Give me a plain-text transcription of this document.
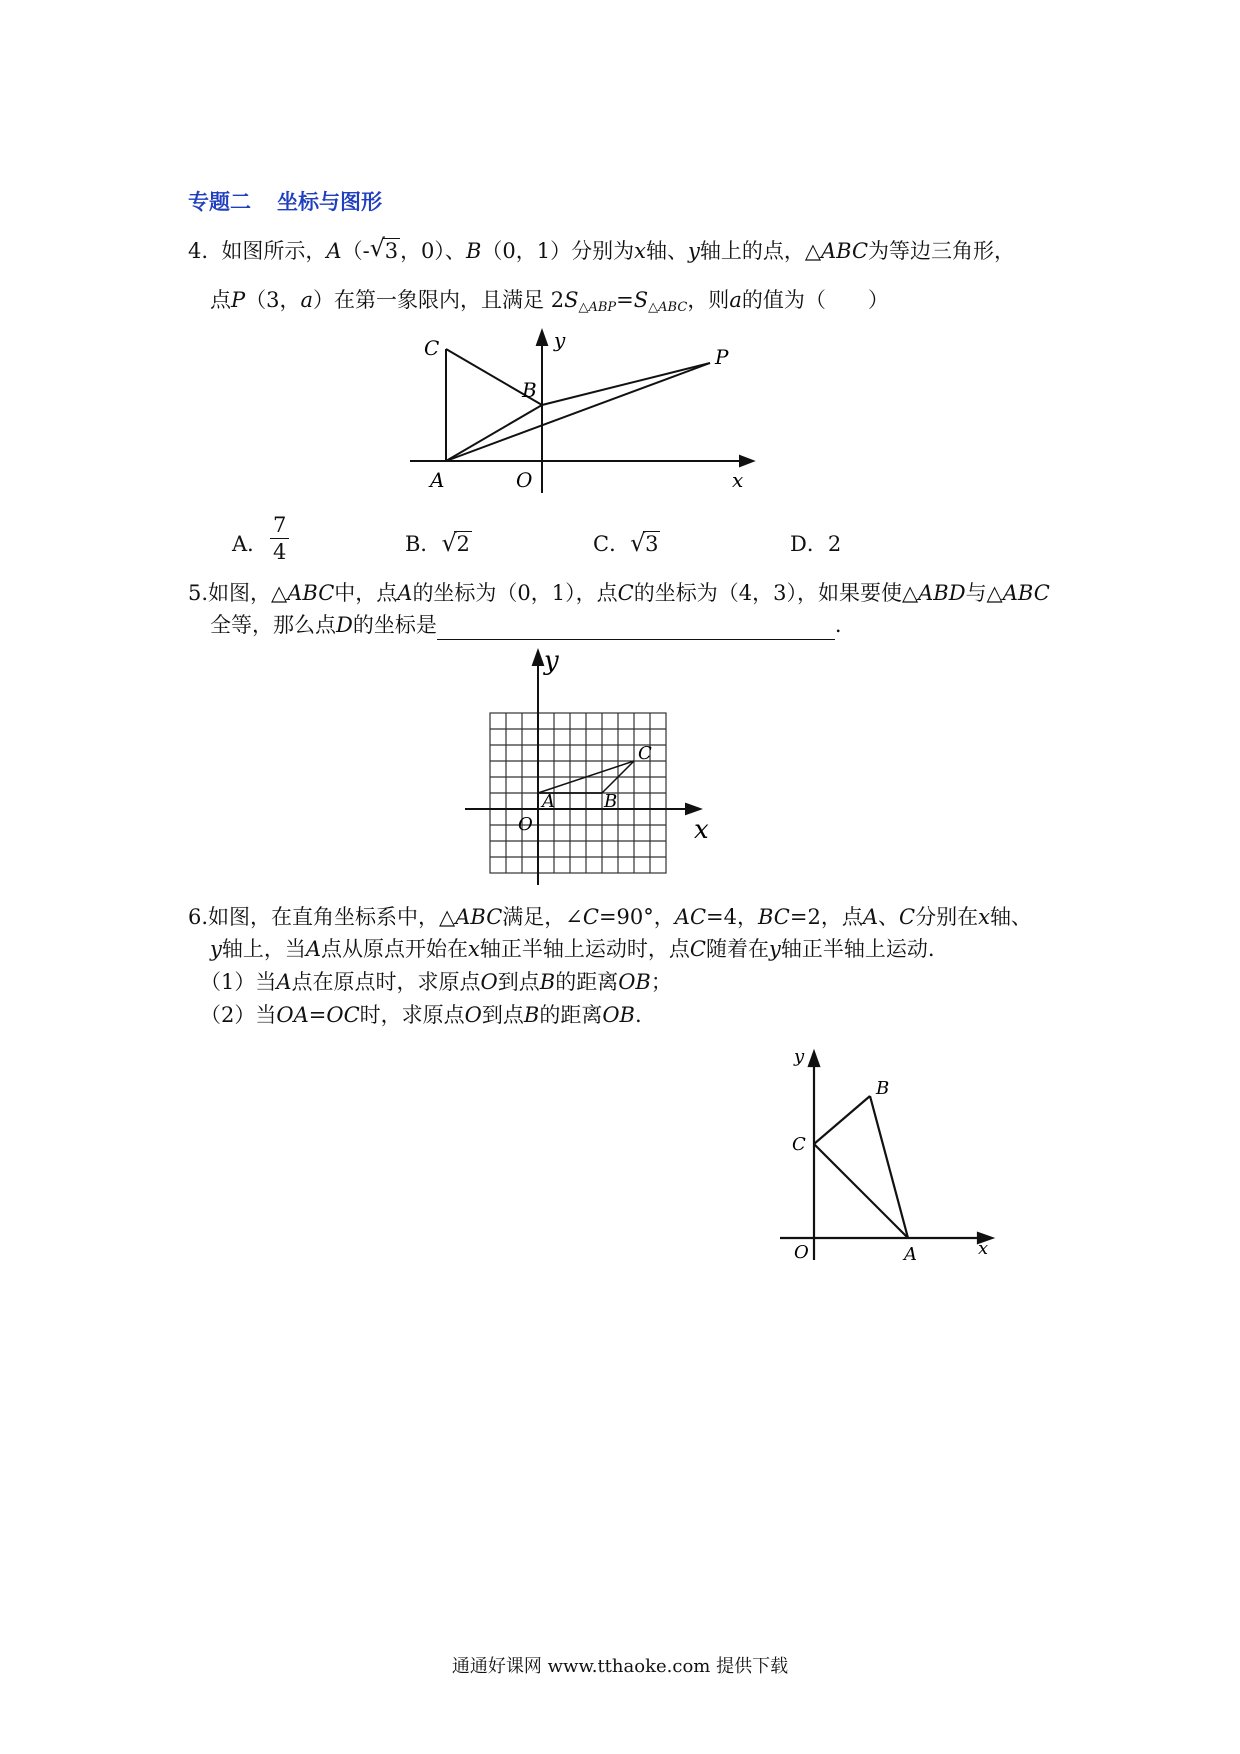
专题二 坐标与图形
4. 如图所示，A（- √ 3，0）、B（0，1）分别为x轴、y轴上的点，△ABC为等边三角形，
点P（3，a）在第一象限内，且满足 $2S_{\triangle ABP}=S_{\triangle ABC}$，则a的值为（　　）
C
B
P
A	O	x
y
A． $\frac{7}{4}$	B． √ 2	C． √ 3	D．2
5.如图，△ABC中，点A的坐标为（0，1），点C的坐标为（4，3），如果要使△ABD与△ABC
全等，那么点D的坐标是	.
y
x
C
A	B
O
6.如图，在直角坐标系中，△ABC满足，∠C=90°，AC=4，BC=2，点A、C分别在x轴、
y轴上，当A点从原点开始在x轴正半轴上运动时，点C随着在y轴正半轴上运动.
（1）当A点在原点时，求原点O到点B的距离OB；
（2）当OA=OC时，求原点O到点B的距离OB.
y
B
C
O	A	x
通通好课网 www.tthaoke.com 提供下载
